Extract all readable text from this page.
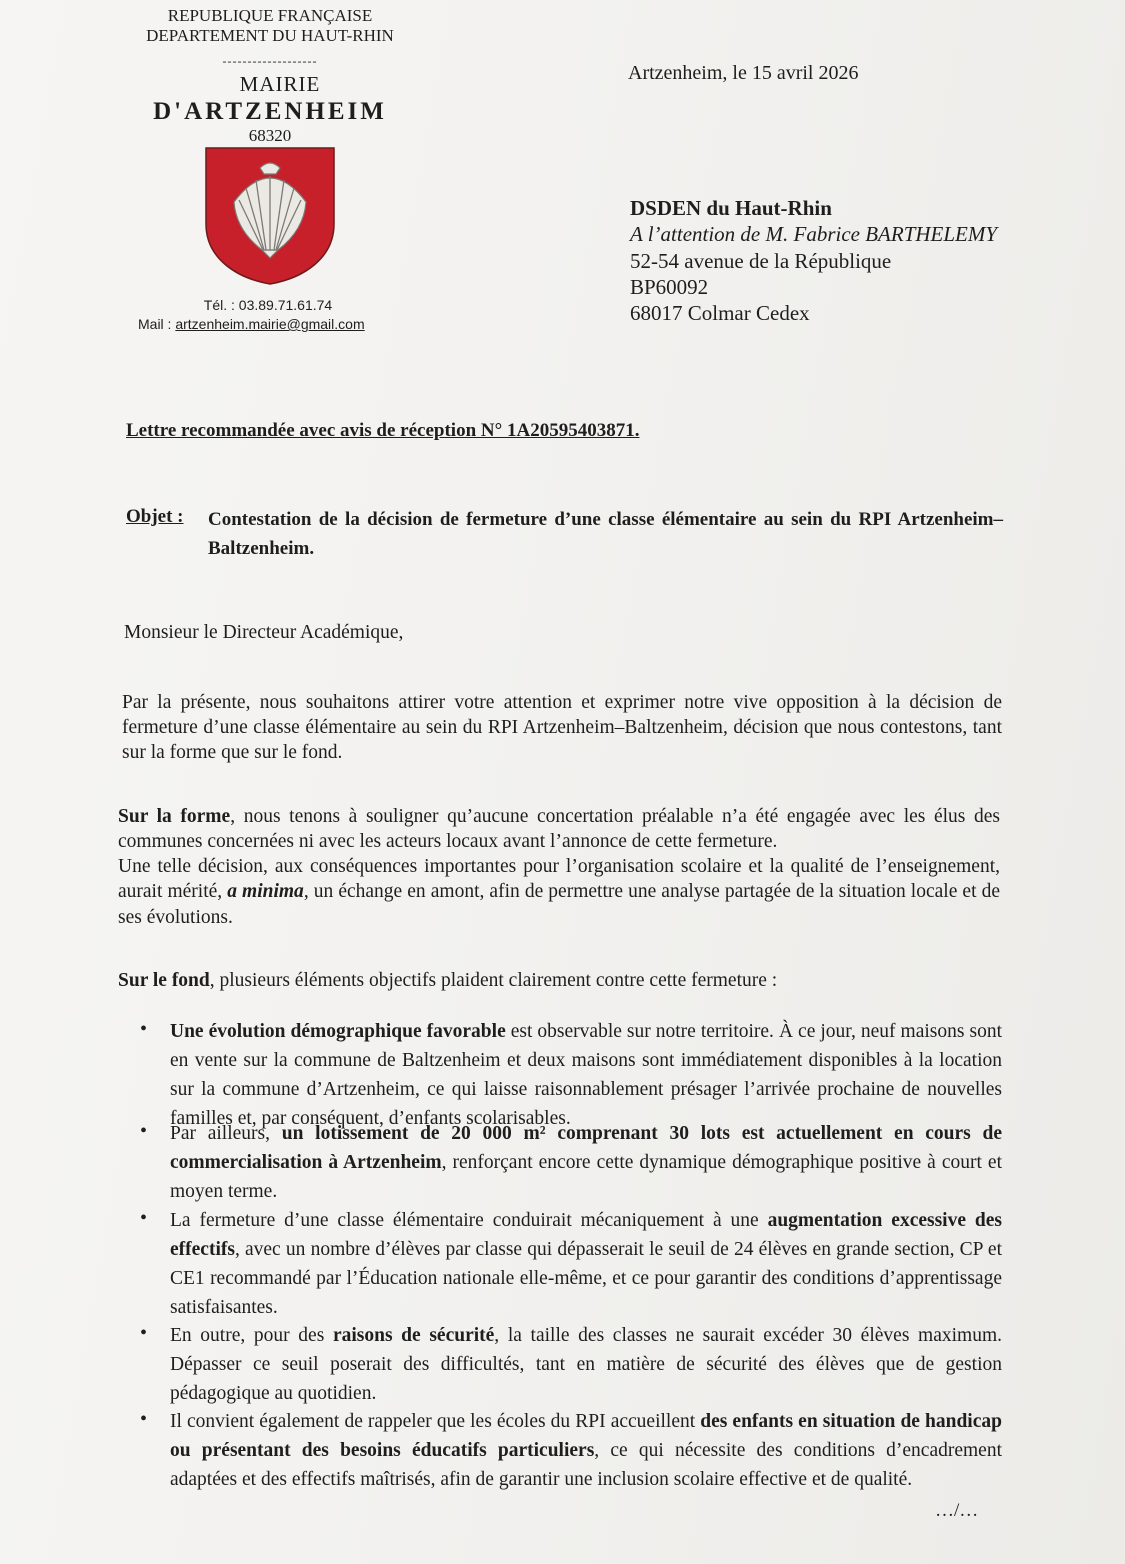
REPUBLIQUE FRANÇAISE
DEPARTEMENT DU HAUT-RHIN
-------------------
MAIRIE
D'ARTZENHEIM
68320
Tél. : 03.89.71.61.74
Mail : artzenheim.mairie@gmail.com
Artzenheim, le 15 avril 2026
DSDEN du Haut-Rhin
A l’attention de M. Fabrice BARTHELEMY
52-54 avenue de la République
BP60092
68017 Colmar Cedex
Lettre recommandée avec avis de réception N° 1A20595403871.
Objet : Contestation de la décision de fermeture d’une classe élémentaire au sein du RPI Artzenheim–Baltzenheim.
Monsieur le Directeur Académique,
Par la présente, nous souhaitons attirer votre attention et exprimer notre vive opposition à la décision de fermeture d’une classe élémentaire au sein du RPI Artzenheim–Baltzenheim, décision que nous contestons, tant sur la forme que sur le fond.
Sur la forme, nous tenons à souligner qu’aucune concertation préalable n’a été engagée avec les élus des communes concernées ni avec les acteurs locaux avant l’annonce de cette fermeture.
Une telle décision, aux conséquences importantes pour l’organisation scolaire et la qualité de l’enseignement, aurait mérité, a minima, un échange en amont, afin de permettre une analyse partagée de la situation locale et de ses évolutions.
Sur le fond, plusieurs éléments objectifs plaident clairement contre cette fermeture :
• Une évolution démographique favorable est observable sur notre territoire. À ce jour, neuf maisons sont en vente sur la commune de Baltzenheim et deux maisons sont immédiatement disponibles à la location sur la commune d’Artzenheim, ce qui laisse raisonnablement présager l’arrivée prochaine de nouvelles familles et, par conséquent, d’enfants scolarisables.
• Par ailleurs, un lotissement de 20 000 m² comprenant 30 lots est actuellement en cours de commercialisation à Artzenheim, renforçant encore cette dynamique démographique positive à court et moyen terme.
• La fermeture d’une classe élémentaire conduirait mécaniquement à une augmentation excessive des effectifs, avec un nombre d’élèves par classe qui dépasserait le seuil de 24 élèves en grande section, CP et CE1 recommandé par l’Éducation nationale elle-même, et ce pour garantir des conditions d’apprentissage satisfaisantes.
• En outre, pour des raisons de sécurité, la taille des classes ne saurait excéder 30 élèves maximum. Dépasser ce seuil poserait des difficultés, tant en matière de sécurité des élèves que de gestion pédagogique au quotidien.
• Il convient également de rappeler que les écoles du RPI accueillent des enfants en situation de handicap ou présentant des besoins éducatifs particuliers, ce qui nécessite des conditions d’encadrement adaptées et des effectifs maîtrisés, afin de garantir une inclusion scolaire effective et de qualité.
…/…
